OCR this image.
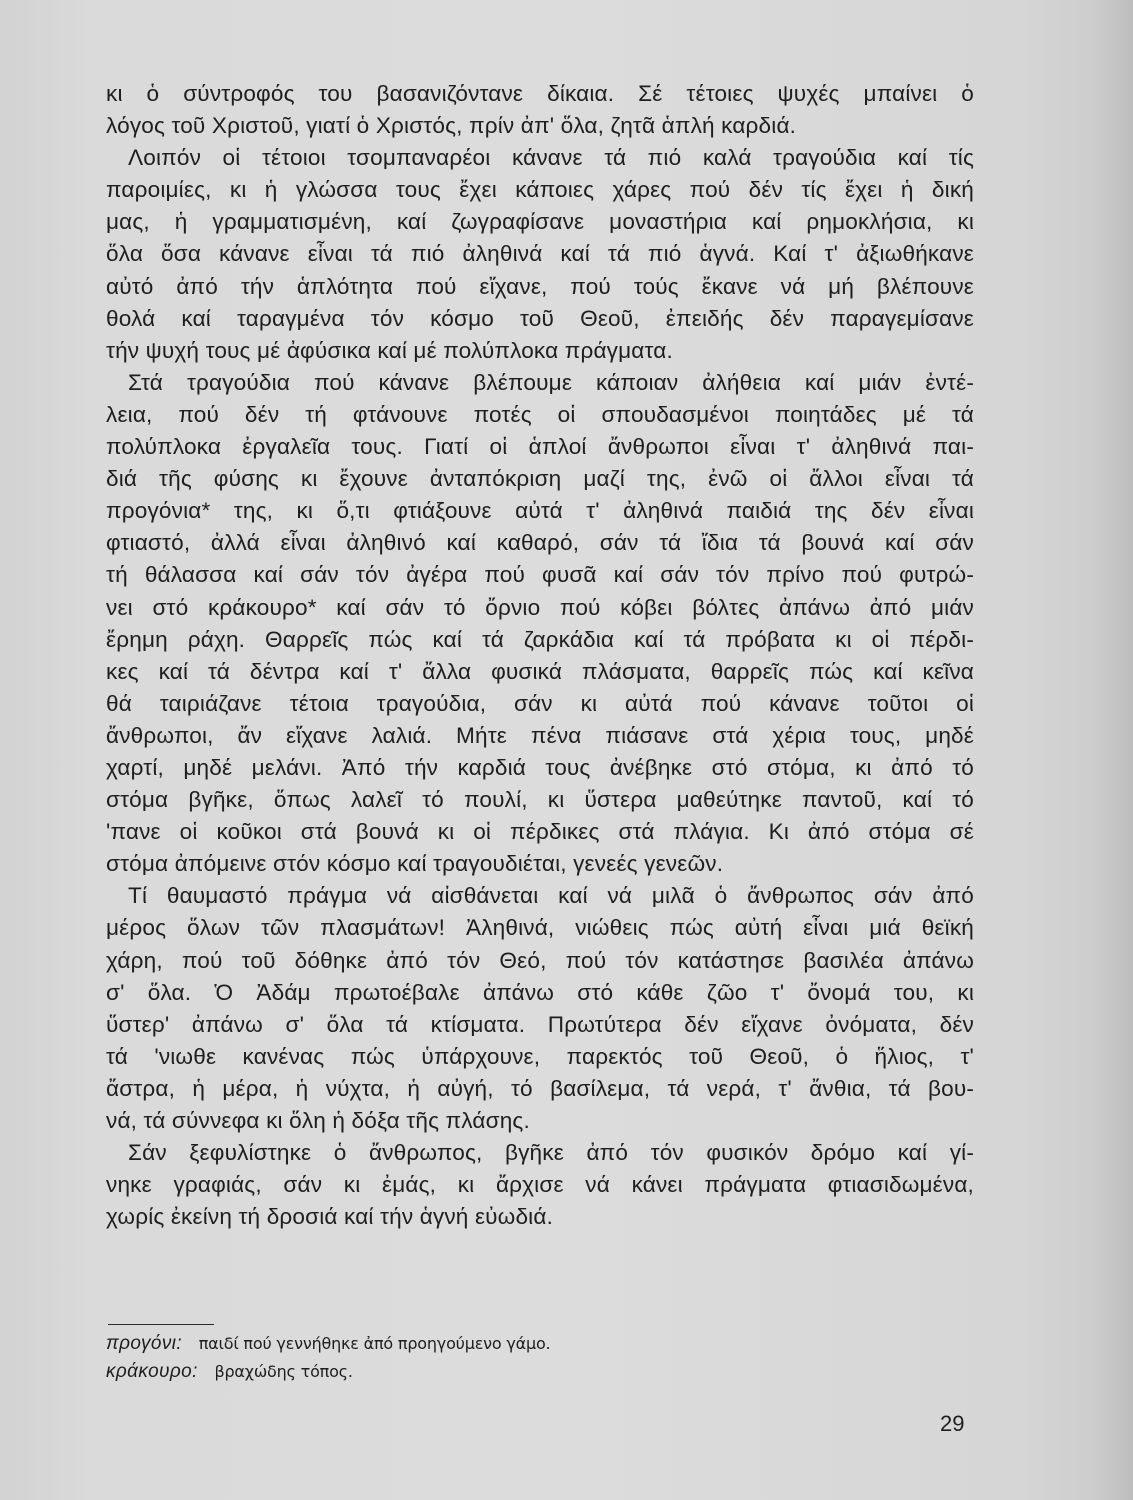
κι ὁ σύντροφός του βασανιζόντανε δίκαια. Σέ τέτοιες ψυχές μπαίνει ὁ
λόγος τοῦ Χριστοῦ, γιατί ὁ Χριστός, πρίν ἀπ' ὅλα, ζητᾶ ἁπλή καρδιά.
Λοιπόν οἱ τέτοιοι τσομπαναρέοι κάνανε τά πιό καλά τραγούδια καί τίς
παροιμίες, κι ἡ γλώσσα τους ἔχει κάποιες χάρες πού δέν τίς ἔχει ἡ δική
μας, ἡ γραμματισμένη, καί ζωγραφίσανε μοναστήρια καί ρημοκλήσια, κι
ὅλα ὅσα κάνανε εἶναι τά πιό ἀληθινά καί τά πιό ἁγνά. Καί τ' ἀξιωθήκανε
αὐτό ἀπό τήν ἁπλότητα πού εἴχανε, πού τούς ἔκανε νά μή βλέπουνε
θολά καί ταραγμένα τόν κόσμο τοῦ Θεοῦ, ἐπειδής δέν παραγεμίσανε
τήν ψυχή τους μέ ἀφύσικα καί μέ πολύπλοκα πράγματα.
Στά τραγούδια πού κάνανε βλέπουμε κάποιαν ἀλήθεια καί μιάν ἐντέ-
λεια, πού δέν τή φτάνουνε ποτές οἱ σπουδασμένοι ποιητάδες μέ τά
πολύπλοκα ἐργαλεῖα τους. Γιατί οἱ ἁπλοί ἄνθρωποι εἶναι τ' ἀληθινά παι-
διά τῆς φύσης κι ἔχουνε ἀνταπόκριση μαζί της, ἐνῶ οἱ ἄλλοι εἶναι τά
προγόνια* της, κι ὅ,τι φτιάξουνε αὐτά τ' ἀληθινά παιδιά της δέν εἶναι
φτιαστό, ἀλλά εἶναι ἀληθινό καί καθαρό, σάν τά ἴδια τά βουνά καί σάν
τή θάλασσα καί σάν τόν ἀγέρα πού φυσᾶ καί σάν τόν πρίνο πού φυτρώ-
νει στό κράκουρο* καί σάν τό ὄρνιο πού κόβει βόλτες ἀπάνω ἀπό μιάν
ἔρημη ράχη. Θαρρεῖς πώς καί τά ζαρκάδια καί τά πρόβατα κι οἱ πέρδι-
κες καί τά δέντρα καί τ' ἄλλα φυσικά πλάσματα, θαρρεῖς πώς καί κεῖνα
θά ταιριάζανε τέτοια τραγούδια, σάν κι αὐτά πού κάνανε τοῦτοι οἱ
ἄνθρωποι, ἄν εἴχανε λαλιά. Μήτε πένα πιάσανε στά χέρια τους, μηδέ
χαρτί, μηδέ μελάνι. Ἀπό τήν καρδιά τους ἀνέβηκε στό στόμα, κι ἀπό τό
στόμα βγῆκε, ὅπως λαλεῖ τό πουλί, κι ὕστερα μαθεύτηκε παντοῦ, καί τό
'πανε οἱ κοῦκοι στά βουνά κι οἱ πέρδικες στά πλάγια. Κι ἀπό στόμα σέ
στόμα ἀπόμεινε στόν κόσμο καί τραγουδιέται, γενεές γενεῶν.
Τί θαυμαστό πράγμα νά αἰσθάνεται καί νά μιλᾶ ὁ ἄνθρωπος σάν ἀπό
μέρος ὅλων τῶν πλασμάτων! Ἀληθινά, νιώθεις πώς αὐτή εἶναι μιά θεϊκή
χάρη, πού τοῦ δόθηκε ἀπό τόν Θεό, πού τόν κατάστησε βασιλέα ἀπάνω
σ' ὅλα. Ὁ Ἀδάμ πρωτοέβαλε ἀπάνω στό κάθε ζῶο τ' ὄνομά του, κι
ὕστερ' ἀπάνω σ' ὅλα τά κτίσματα. Πρωτύτερα δέν εἴχανε ὀνόματα, δέν
τά 'νιωθε κανένας πώς ὑπάρχουνε, παρεκτός τοῦ Θεοῦ, ὁ ἥλιος, τ'
ἄστρα, ἡ μέρα, ἡ νύχτα, ἡ αὐγή, τό βασίλεμα, τά νερά, τ' ἄνθια, τά βου-
νά, τά σύννεφα κι ὅλη ἡ δόξα τῆς πλάσης.
Σάν ξεφυλίστηκε ὁ ἄνθρωπος, βγῆκε ἀπό τόν φυσικόν δρόμο καί γί-
νηκε γραφιάς, σάν κι ἐμάς, κι ἄρχισε νά κάνει πράγματα φτιασιδωμένα,
χωρίς ἐκείνη τή δροσιά καί τήν ἁγνή εὐωδιά.
προγόνι:   παιδί πού γεννήθηκε ἀπό προηγούμενο γάμο.
κράκουρο:   βραχώδης τόπος.
29
